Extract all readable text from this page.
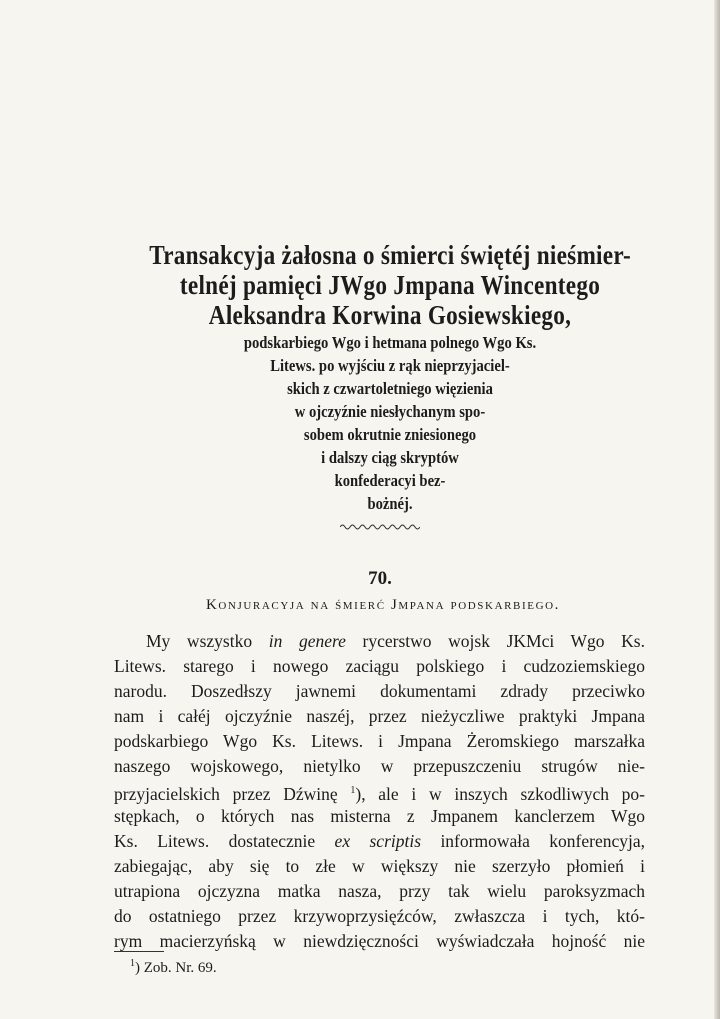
Transakcyja żałosna o śmierci świętéj nieśmier-
telnéj pamięci JWgo Jmpana Wincentego
Aleksandra Korwina Gosiewskiego,
podskarbiego Wgo i hetmana polnego Wgo Ks.
Litews. po wyjściu z rąk nieprzyjaciel-
skich z czwartoletniego więzienia
w ojczyźnie niesłychanym spo-
sobem okrutnie zniesionego
i dalszy ciąg skryptów
konfederacyi bez-
bożnéj.
70.
Konjuracyja na śmierć Jmpana podskarbiego.
My wszystko in genere rycerstwo wojsk JKMci Wgo Ks.
Litews. starego i nowego zaciągu polskiego i cudzoziemskiego
narodu. Doszedłszy jawnemi dokumentami zdrady przeciwko
nam i całéj ojczyźnie naszéj, przez nieżyczliwe praktyki Jmpana
podskarbiego Wgo Ks. Litews. i Jmpana Żeromskiego marszałka
naszego wojskowego, nietylko w przepuszczeniu strugów nie-
przyjacielskich przez Dźwinę $^1$), ale i w inszych szkodliwych po-
stępkach, o których nas misterna z Jmpanem kanclerzem Wgo
Ks. Litews. dostatecznie ex scriptis informowała konferencyja,
zabiegając, aby się to złe w większy nie szerzyło płomień i
utrapiona ojczyzna matka nasza, przy tak wielu paroksyzmach
do ostatniego przez krzywoprzysięźców, zwłaszcza i tych, któ-
rym macierzyńską w niewdzięczności wyświadczała hojność nie
$^1$) Zob. Nr. 69.
